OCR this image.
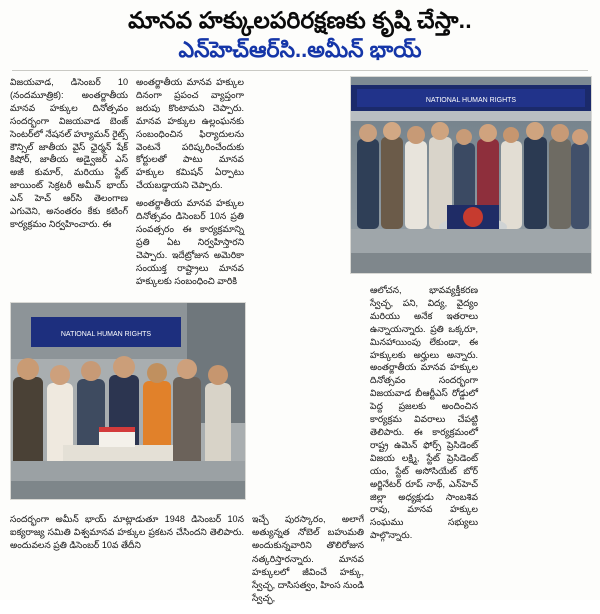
మానవ హక్కులపరిరక్షణకు కృషి చేస్తా..
ఎన్‌హెచ్‌ఆర్‌సి..అమీన్ భాయ్

విజయవాడ, డిసెంబర్ 10 (నందమూత్రిక): అంతర్జాతీయ మానవ హక్కుల దినోత్సవం సందర్భంగా విజయవాడ బెంజ్ సెంటర్‌లో నేషనల్ హ్యూమన్ రైట్స్ కౌన్సిల్ జాతీయ వైస్ ఛైర్మన్ షేక్ కిషోర్, జాతీయ అడ్వైజర్ ఎస్ అజీ కుమార్, మరియు స్టేట్ జాయింట్ సెక్రటరీ అమీన్ భాయ్ ఎన్ హెచ్ ఆర్‌సి తెలంగాణ ఎగువెని, అనంతరం కేకు కటింగ్ కార్యక్రమం నిర్వహించారు. ఈ

అంతర్జాతీయ మానవ హక్కుల దినంగా ప్రపంచ వ్యాప్తంగా జరుపు కొంటామని చెప్పారు. మానవ హక్కుల ఉల్లంఘనకు సంబంధించిన ఫిర్యాదులను వెంటనే పరిష్కరించేందుకు కోర్టులతో పాటు మానవ హక్కుల కమిషన్ ఏర్పాటు చేయబడ్డాయని చెప్పారు.

అంతర్జాతీయ మానవ హక్కుల దినోత్సవం డిసెంబర్ 10న ప్రతి సంవత్సరం ఈ కార్యక్రమాన్ని ప్రతి ఏట నిర్వహిస్తారని చెప్పారు. ఇదేట్రోజున అమెరికా సంయుక్త రాష్ట్రాలు మానవ హక్కులకు సంబంధించి వారికి

NATIONAL HUMAN RIGHTS
NATIONAL HUMAN RIGHTS

ఆలోచన, భావవ్యక్తీకరణ స్వేచ్ఛ, పని, విద్య, వైద్యం మరియు అనేక ఇతరాలు ఉన్నాయన్నారు. ప్రతి ఒక్కరూ, మినహాయింపు లేకుండా, ఈ హక్కులకు అర్హులు అన్నారు. అంతర్జాతీయ మానవ హక్కుల దినోత్సవం సందర్భంగా విజయవాడ బీఆర్టీఎస్ రోడ్డులో పెద్ద ప్రజలకు అందించిన కార్యక్రమ వివరాలు చేపట్టి తెలిపారు. ఈ కార్యక్రమంలో రాష్ట్ర ఉమెన్ ఫోర్స్ ప్రెసిడెంట్ విజయ లక్ష్మి, స్టేట్ ప్రెసిడెంట్ యం, స్టేట్ అసోసియేట్ బోర్ అర్జినేటర్ రూప్ నాథ్, ఎన్‌హెచ్ జిల్లా అధ్యక్షుడు సాంబశివ రావు, మానవ హక్కుల సంఘము సభ్యులు పాల్గొన్నారు.

సందర్భంగా అమీన్ భాయ్ మాట్లాడుతూ 1948 డిసెంబర్ 10న ఐక్యరాజ్య సమితి విశ్వమానవ హక్కుల ప్రకటన చేసిందని తెలిపారు. అందువలన ప్రతి డిసెంబర్ 10వ తేదీని

ఇచ్చే పురస్కారం, అలాగే అత్యున్నత నోబెల్ బహుమతి అందుకున్నవారిని తొలిరోజున నత్కరిస్తారన్నారు. మానవ హక్కులలో జీవించే హక్కు, స్వేచ్ఛ, దాసిసత్వం, హింస నుండి స్వేచ్ఛ,
